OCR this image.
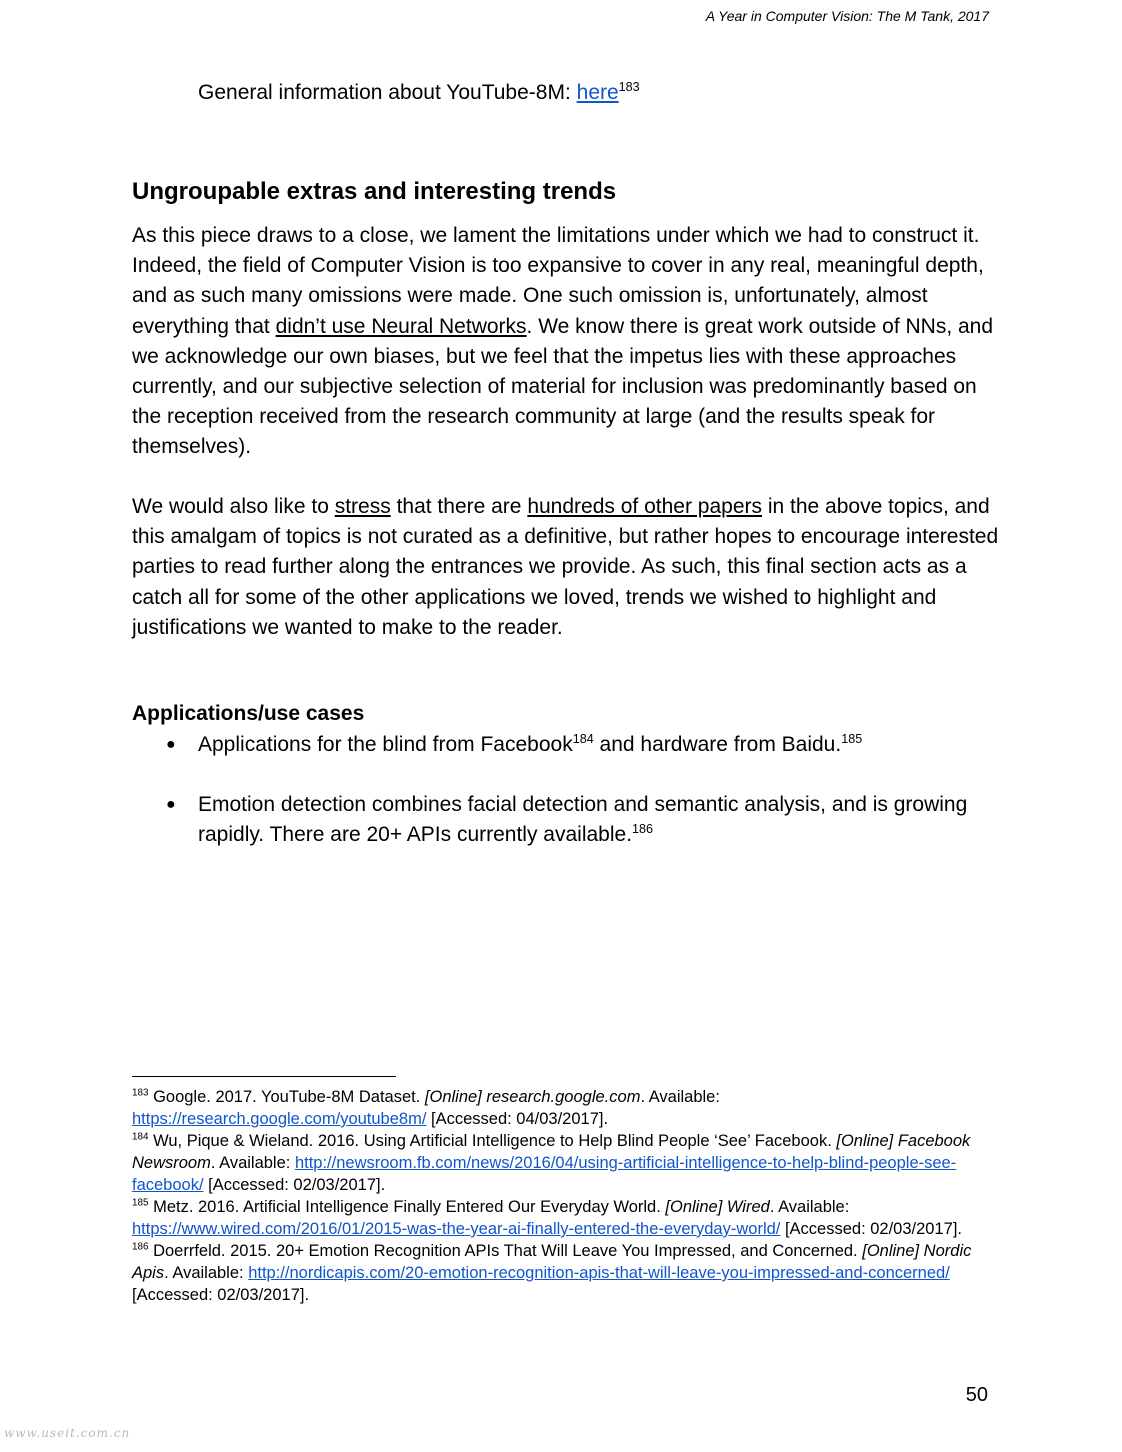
A Year in Computer Vision: The M Tank, 2017
General information about YouTube-8M: here$^{183}$
Ungroupable extras and interesting trends
As this piece draws to a close, we lament the limitations under which we had to construct it. Indeed, the field of Computer Vision is too expansive to cover in any real, meaningful depth, and as such many omissions were made. One such omission is, unfortunately, almost everything that didn’t use Neural Networks. We know there is great work outside of NNs, and we acknowledge our own biases, but we feel that the impetus lies with these approaches currently, and our subjective selection of material for inclusion was predominantly based on the reception received from the research community at large (and the results speak for themselves).
We would also like to stress that there are hundreds of other papers in the above topics, and this amalgam of topics is not curated as a definitive, but rather hopes to encourage interested parties to read further along the entrances we provide. As such, this final section acts as a catch all for some of the other applications we loved, trends we wished to highlight and justifications we wanted to make to the reader.
Applications/use cases
● Applications for the blind from Facebook$^{184}$ and hardware from Baidu.$^{185}$
● Emotion detection combines facial detection and semantic analysis, and is growing rapidly. There are 20+ APIs currently available.$^{186}$

$^{183}$ Google. 2017. YouTube-8M Dataset. [Online] research.google.com. Available: https://research.google.com/youtube8m/ [Accessed: 04/03/2017].

$^{184}$ Wu, Pique & Wieland. 2016. Using Artificial Intelligence to Help Blind People ‘See’ Facebook. [Online] Facebook Newsroom. Available: http://newsroom.fb.com/news/2016/04/using-artificial-intelligence-to-help-blind-people-see-facebook/ [Accessed: 02/03/2017].

$^{185}$ Metz. 2016. Artificial Intelligence Finally Entered Our Everyday World. [Online] Wired. Available: https://www.wired.com/2016/01/2015-was-the-year-ai-finally-entered-the-everyday-world/ [Accessed: 02/03/2017].

$^{186}$ Doerrfeld. 2015. 20+ Emotion Recognition APIs That Will Leave You Impressed, and Concerned. [Online] Nordic Apis. Available: http://nordicapis.com/20-emotion-recognition-apis-that-will-leave-you-impressed-and-concerned/ [Accessed: 02/03/2017].

50
www.useit.com.cn
